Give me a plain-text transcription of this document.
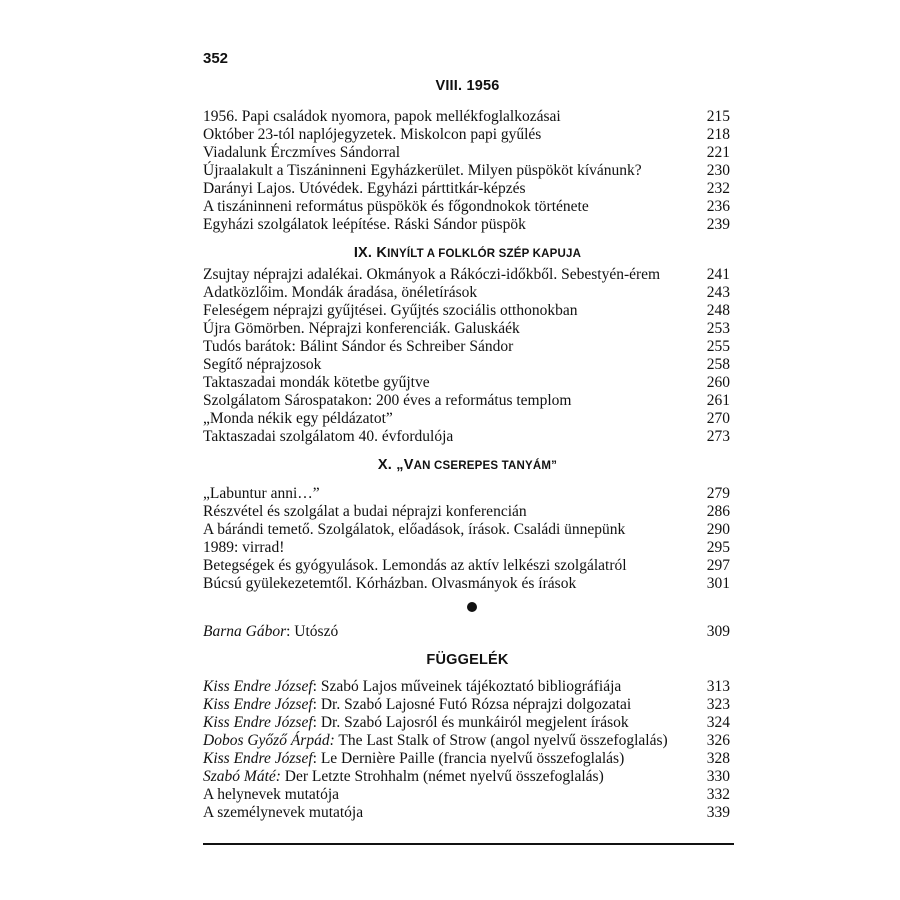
352
VIII. 1956
1956. Papi családok nyomora, papok mellékfoglalkozásai	215
Október 23-tól naplójegyzetek. Miskolcon papi gyűlés	218
Viadalunk Érczmíves Sándorral	221
Újraalakult a Tiszáninneni Egyházkerület. Milyen püspököt kívánunk?	230
Darányi Lajos. Utóvédek. Egyházi párttitkár-képzés	232
A tiszáninneni református püspökök és főgondnokok története	236
Egyházi szolgálatok leépítése. Ráski Sándor püspök	239
IX. KINYÍLT A FOLKLÓR SZÉP KAPUJA
Zsujtay néprajzi adalékai. Okmányok a Rákóczi-időkből. Sebestyén-érem	241
Adatközlőim. Mondák áradása, önéletírások	243
Feleségem néprajzi gyűjtései. Gyűjtés szociális otthonokban	248
Újra Gömörben. Néprajzi konferenciák. Galuskáék	253
Tudós barátok: Bálint Sándor és Schreiber Sándor	255
Segítő néprajzosok	258
Taktaszadai mondák kötetbe gyűjtve	260
Szolgálatom Sárospatakon: 200 éves a református templom	261
„Monda nékik egy példázatot”	270
Taktaszadai szolgálatom 40. évfordulója	273
X. „VAN CSEREPES TANYÁM”
„Labuntur anni…”	279
Részvétel és szolgálat a budai néprajzi konferencián	286
A bárándi temető. Szolgálatok, előadások, írások. Családi ünnepünk	290
1989: virrad!	295
Betegségek és gyógyulások. Lemondás az aktív lelkészi szolgálatról	297
Búcsú gyülekezetemtől. Kórházban. Olvasmányok és írások	301
Barna Gábor: Utószó	309
FÜGGELÉK
Kiss Endre József: Szabó Lajos műveinek tájékoztató bibliográfiája	313
Kiss Endre József: Dr. Szabó Lajosné Futó Rózsa néprajzi dolgozatai	323
Kiss Endre József: Dr. Szabó Lajosról és munkáiról megjelent írások	324
Dobos Győző Árpád: The Last Stalk of Strow (angol nyelvű összefoglalás)	326
Kiss Endre József: Le Dernière Paille (francia nyelvű összefoglalás)	328
Szabó Máté: Der Letzte Strohhalm (német nyelvű összefoglalás)	330
A helynevek mutatója	332
A személynevek mutatója	339
